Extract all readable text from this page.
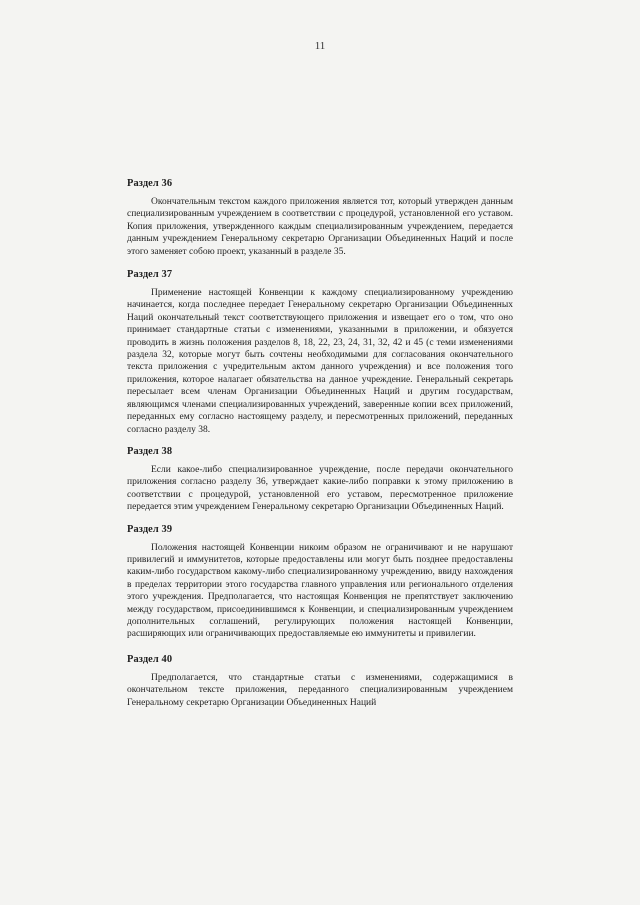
11
Раздел 36

Окончательным текстом каждого приложения является тот, который утвержден данным специализированным учреждением в соответствии с процедурой, установленной его уставом. Копия приложения, утвержденного каждым специализированным учреждением, передается данным учреждением Генеральному секретарю Организации Объединенных Наций и после этого заменяет собою проект, указанный в разделе 35.

Раздел 37

Применение настоящей Конвенции к каждому специализированному учреждению начинается, когда последнее передает Генеральному секретарю Организации Объединенных Наций окончательный текст соответствующего приложения и извещает его о том, что оно принимает стандартные статьи с изменениями, указанными в приложении, и обязуется проводить в жизнь положения разделов 8, 18, 22, 23, 24, 31, 32, 42 и 45 (с теми изменениями раздела 32, которые могут быть сочтены необходимыми для согласования окончательного текста приложения с учредительным актом данного учреждения) и все положения того приложения, которое налагает обязательства на данное учреждение. Генеральный секретарь пересылает всем членам Организации Объединенных Наций и другим государствам, являющимся членами специализированных учреждений, заверенные копии всех приложений, переданных ему согласно настоящему разделу, и пересмотренных приложений, переданных согласно разделу 38.

Раздел 38

Если какое-либо специализированное учреждение, после передачи окончательного приложения согласно разделу 36, утверждает какие-либо поправки к этому приложению в соответствии с процедурой, установленной его уставом, пересмотренное приложение передается этим учреждением Генеральному секретарю Организации Объединенных Наций.

Раздел 39

Положения настоящей Конвенции никоим образом не ограничивают и не нарушают привилегий и иммунитетов, которые предоставлены или могут быть позднее предоставлены каким-либо государством какому-либо специализированному учреждению, ввиду нахождения в пределах территории этого государства главного управления или регионального отделения этого учреждения. Предполагается, что настоящая Конвенция не препятствует заключению между государством, присоединившимся к Конвенции, и специализированным учреждением дополнительных соглашений, регулирующих положения настоящей Конвенции, расширяющих или ограничивающих предоставляемые ею иммунитеты и привилегии.

Раздел 40

Предполагается, что стандартные статьи с изменениями, содержащимися в окончательном тексте приложения, переданного специализированным учреждением Генеральному секретарю Организации Объединенных Наций
